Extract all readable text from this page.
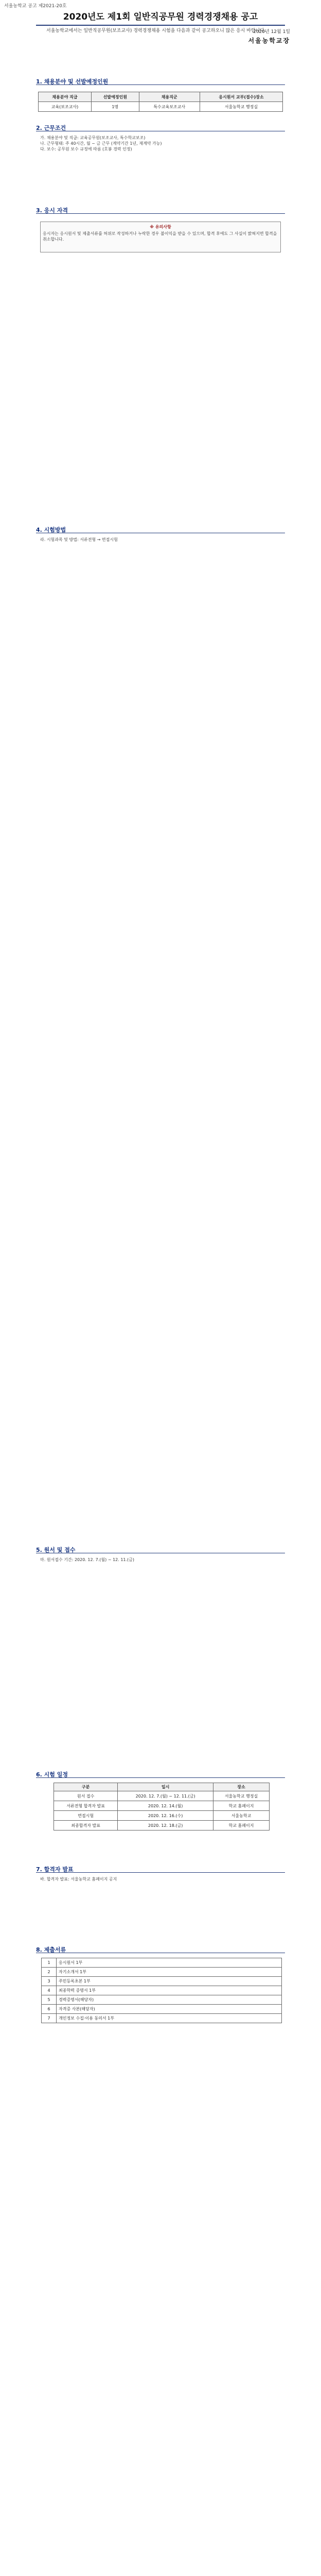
서울농학교 공고 제2021-20호
2020년도 제1회 일반직공무원 경력경쟁채용 공고
서울농학교에서는 일반직공무원(보조교사) 경력경쟁채용 시험을 다음과 같이 공고하오니 많은 응시 바랍니다.
2020년 12월 1일
서울농학교장
1. 채용분야 및 선발예정인원
채용분야 직급	선발예정인원	채용직군	응시원서 교부(접수)장소
교육(보조교사)	1명	특수교육보조교사	서울농학교 행정실
2. 근무조건
가. 채용분야 및 직급: 교육공무원(보조교사, 특수학교보조)
나. 근무형태: 주 40시간, 월 ~ 금 근무 (계약기간 1년, 재계약 가능)
다. 보수: 공무원 보수 규정에 따름 (호봉 경력 인정)
3. 응시 자격
※ 유의사항
응시자는 응시원서 및 제출서류를 허위로 작성하거나 누락한 경우 불이익을 받을 수 있으며, 합격 후에도 그 사실이 밝혀지면 합격을 취소합니다.
4. 시험방법
라. 시험과목 및 방법: 서류전형 → 면접시험
5. 원서 및 접수
마. 원서접수 기간: 2020. 12. 7.(월) ~ 12. 11.(금)
6. 시험 일정
구분	일시	장소
원서 접수	2020. 12. 7.(월) ~ 12. 11.(금)	서울농학교 행정실
서류전형 합격자 발표	2020. 12. 14.(월)	학교 홈페이지
면접시험	2020. 12. 16.(수)	서울농학교
최종합격자 발표	2020. 12. 18.(금)	학교 홈페이지
7. 합격자 발표
바. 합격자 발표: 서울농학교 홈페이지 공지
8. 제출서류
1	응시원서 1부
2	자기소개서 1부
3	주민등록초본 1부
4	최종학력 증명서 1부
5	경력증명서(해당자)
6	자격증 사본(해당자)
7	개인정보 수집·이용 동의서 1부
